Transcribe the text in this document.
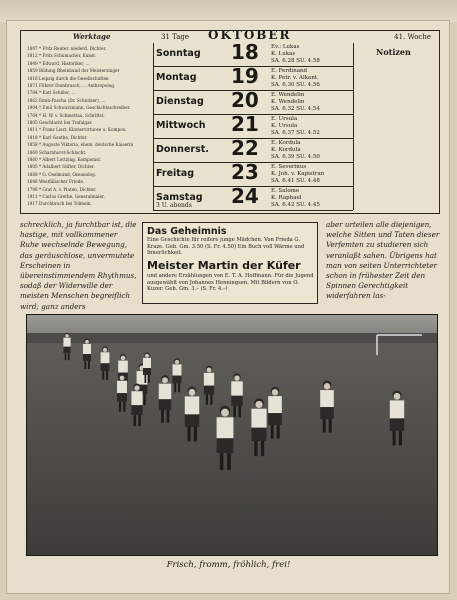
Werktage	31 Tage OKTOBER	41. Woche
1807 * Fritz Reuter, niederd. Dichter.
1812 * Fritz Schumacher, Kunst.
1849 * Edward, Historiker, ...
1859 Bildung Rheinbund der Meistersinger
1816 Leipzig durch die Gesellschaften
1871 Führer Dombrusch, ... Anthropolog.
1784 * Karl Schiller, ...
1862 Emin-Pascha (Dr. Schnitzer), ...
1904 † Emil Schwarzmann, Geschichtsschreiber.
1764 * H. W. v. Schmettau, Schriftst.
1805 Geschlacht bei Trafalgar.
1811 * Franz Liszt, Klaviervirtuose u. Kompon.
1818 * Karl Goethe, Dichter.
1858 * Auguste Viktoria, ehem. deutsche Kaiserin
1869 Scharnhorst-Schlacht.
1860 * Albert Lortzing, Komponist.
1805 * Adalbert Stifter, Dichter.
1888 * G. Oselmund, Ozeanolog.
1648 Westfälischer Friede.
1796 * Graf A. v. Platen, Dichter.
1911 * Carlos Grethe, Generalmaler.
1917 Durchbruch bei Tolmein.
Sonntag 18 Ev.: Lukas
K. Lukas
SA. 6.28 SU. 4.58
Montag 19 E. Ferdinand
K. Petr. v. Alkant.
SA. 6.30 SU. 4.56
Dienstag 20 E. Wendelin
K. Wendelin
SA. 6.32 SU. 4.54
Mittwoch 21 E. Ursula
K. Ursula
SA. 6.37 SU. 4.52
Donnerst. 22 E. Kordula
K. Kordula
SA. 6.39 SU. 4.50
Freitag 23 E. Severinus
K. Joh. v. Kapistran
SA. 6.41 SU. 4.48
Samstag
3 U. abends 24 E. Salome
K. Raphael
SA. 6.42 SU. 4.45
Notizen
schrecklich, ja furchtbar ist, die hastige, mit vollkommener Ruhe wechselnde Bewegung, das geräuschlose, unvermutete Erscheinen in übereinstimmendem Rhythmus, sodaß der Widerwille der meisten Menschen begreiflich wird; ganz anders
Das Geheimnis
Eine Geschichte für reifere junge Mädchen. Von Frieda G. Kraze. Geb. Gm. 3.50 (S. Fr. 4.50) Ein Buch voll Wärme und Innerlichkeit.
Meister Martin der Küfer
und andere Erzählungen von E. T. A. Hoffmann. Für die Jugend ausgewählt von Johannes Henningsen. Mit Bildern von O. Kuzer. Geb. Gm. 3.– (S. Fr. 4.–)
aber urteilen alle diejenigen, welche Sitten und Taten dieser Verfemten zu studieren sich veranlaßt sahen. Übrigens hat man von seiten Unterrichteter schon in frühester Zeit den Spinnen Gerechtigkeit widerfahren las-
Frisch, fromm, fröhlich, frei!
